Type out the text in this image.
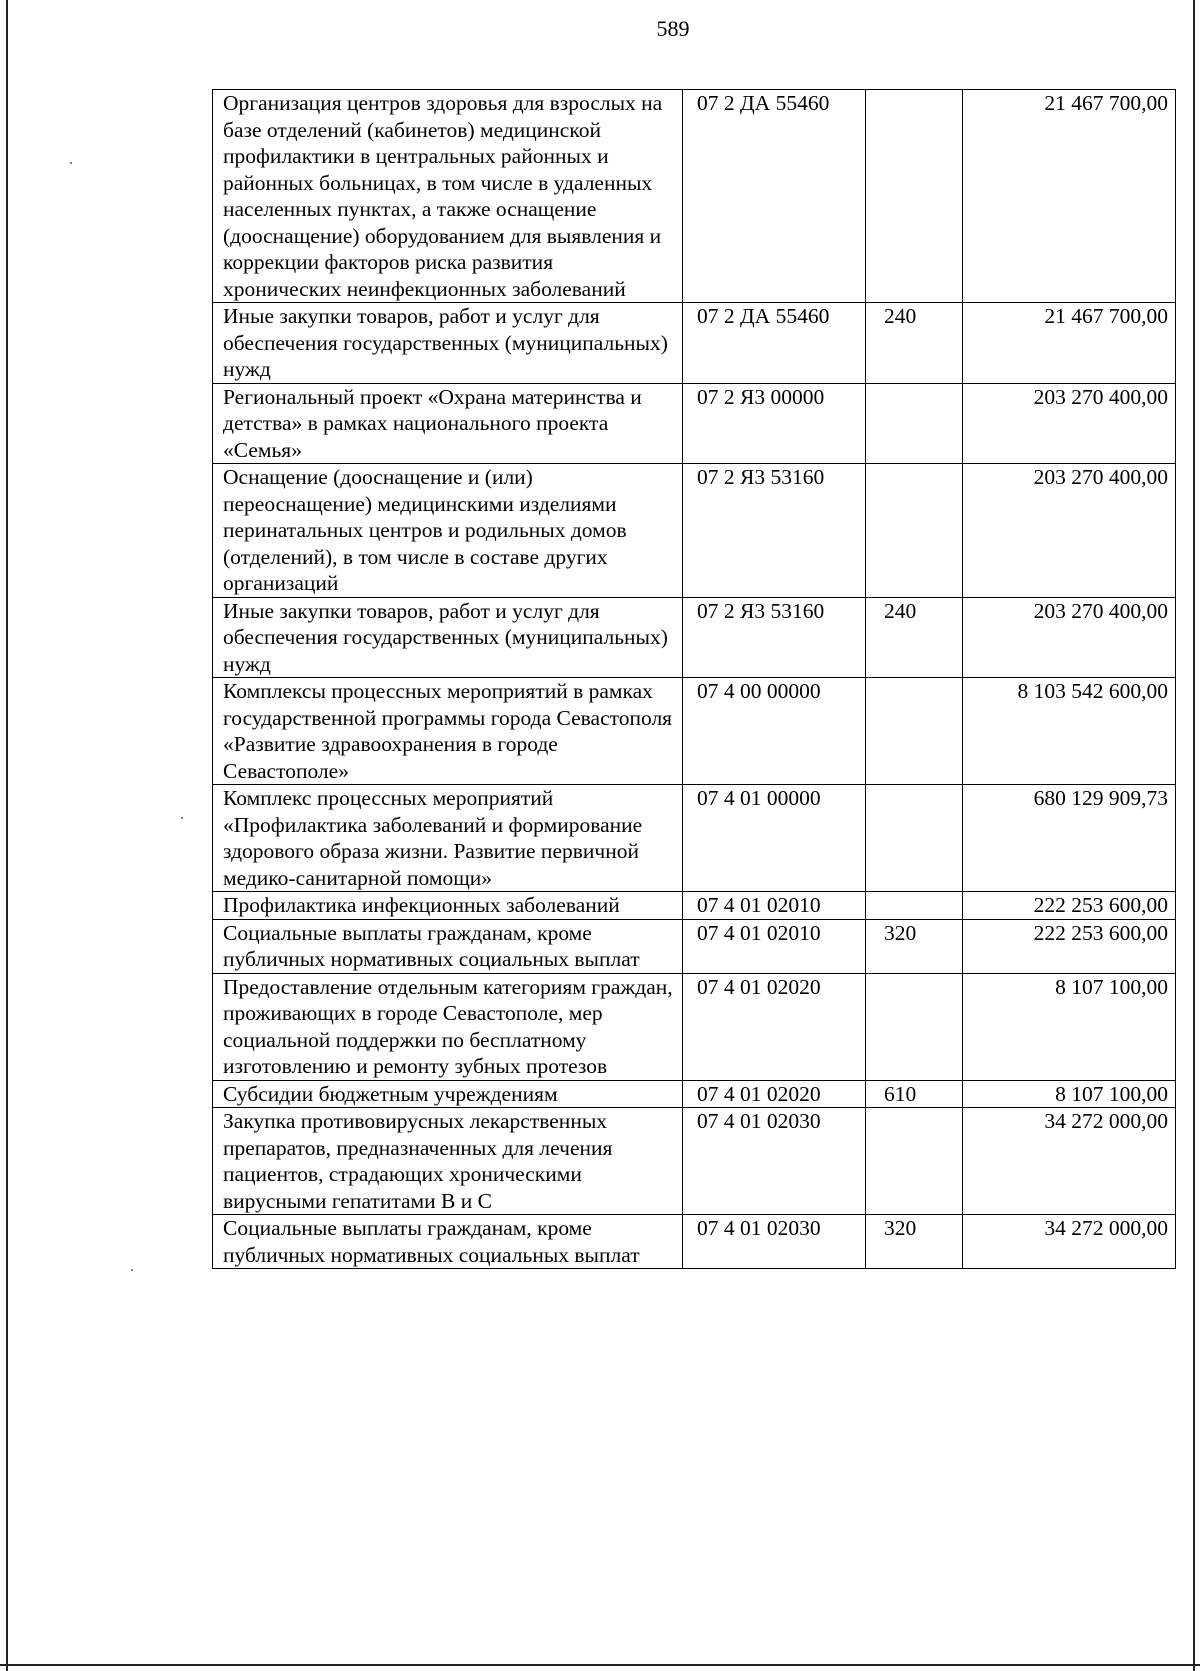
589
Организация центров здоровья для взрослых на базе отделений (кабинетов) медицинской профилактики в центральных районных и районных больницах, в том числе в удаленных населенных пунктах, а также оснащение (дооснащение) оборудованием для выявления и коррекции факторов риска развития хронических неинфекционных заболеваний	07 2 ДА 55460		21 467 700,00
Иные закупки товаров, работ и услуг для обеспечения государственных (муниципальных) нужд	07 2 ДА 55460	240	21 467 700,00
Региональный проект «Охрана материнства и детства» в рамках национального проекта «Семья»	07 2 Я3 00000		203 270 400,00
Оснащение (дооснащение и (или) переоснащение) медицинскими изделиями перинатальных центров и родильных домов (отделений), в том числе в составе других организаций	07 2 Я3 53160		203 270 400,00
Иные закупки товаров, работ и услуг для обеспечения государственных (муниципальных) нужд	07 2 Я3 53160	240	203 270 400,00
Комплексы процессных мероприятий в рамках государственной программы города Севастополя «Развитие здравоохранения в городе Севастополе»	07 4 00 00000		8 103 542 600,00
Комплекс процессных мероприятий «Профилактика заболеваний и формирование здорового образа жизни. Развитие первичной медико-санитарной помощи»	07 4 01 00000		680 129 909,73
Профилактика инфекционных заболеваний	07 4 01 02010		222 253 600,00
Социальные выплаты гражданам, кроме публичных нормативных социальных выплат	07 4 01 02010	320	222 253 600,00
Предоставление отдельным категориям граждан, проживающих в городе Севастополе, мер социальной поддержки по бесплатному изготовлению и ремонту зубных протезов	07 4 01 02020		8 107 100,00
Субсидии бюджетным учреждениям	07 4 01 02020	610	8 107 100,00
Закупка противовирусных лекарственных препаратов, предназначенных для лечения пациентов, страдающих хроническими вирусными гепатитами B и C	07 4 01 02030		34 272 000,00
Социальные выплаты гражданам, кроме публичных нормативных социальных выплат	07 4 01 02030	320	34 272 000,00
